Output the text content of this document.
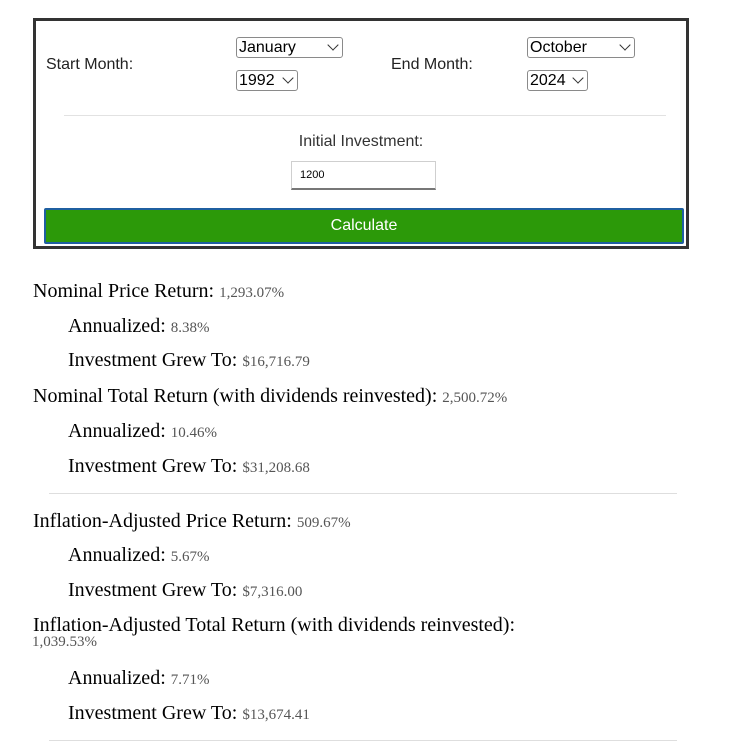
Start Month:
January
1992
End Month:
October
2024
Initial Investment:
1200
Calculate
Nominal Price Return: 1,293.07%
Annualized: 8.38%
Investment Grew To: $16,716.79
Nominal Total Return (with dividends reinvested): 2,500.72%
Annualized: 10.46%
Investment Grew To: $31,208.68
Inflation-Adjusted Price Return: 509.67%
Annualized: 5.67%
Investment Grew To: $7,316.00
Inflation-Adjusted Total Return (with dividends reinvested):
1,039.53%
Annualized: 7.71%
Investment Grew To: $13,674.41
